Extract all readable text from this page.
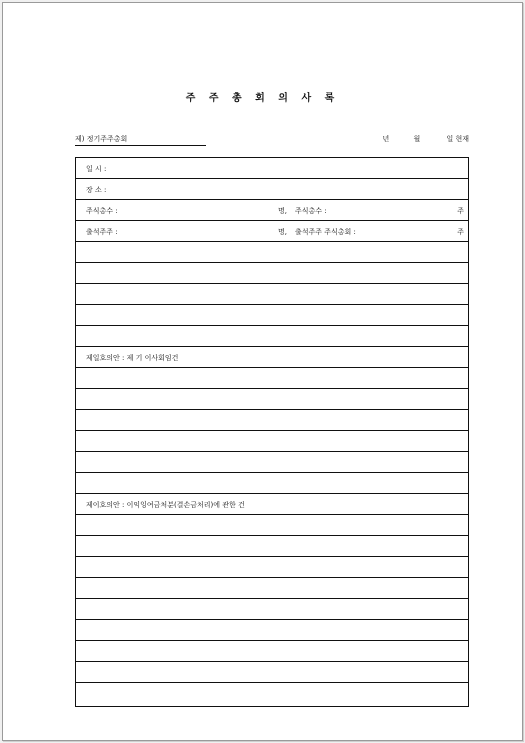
주 주 총 회 의 사 록
제) 정기주주총회	년	월	일 현재
일 시 :
장 소 :
주식총수 :	명, 주식총수 :	주
출석주주 :	명, 출석주주 주식총회 :	주
제일호의안 : 제 기 이사회임건
제이호의안 : 이익잉여금처분(결손금처리)에 관한 건
